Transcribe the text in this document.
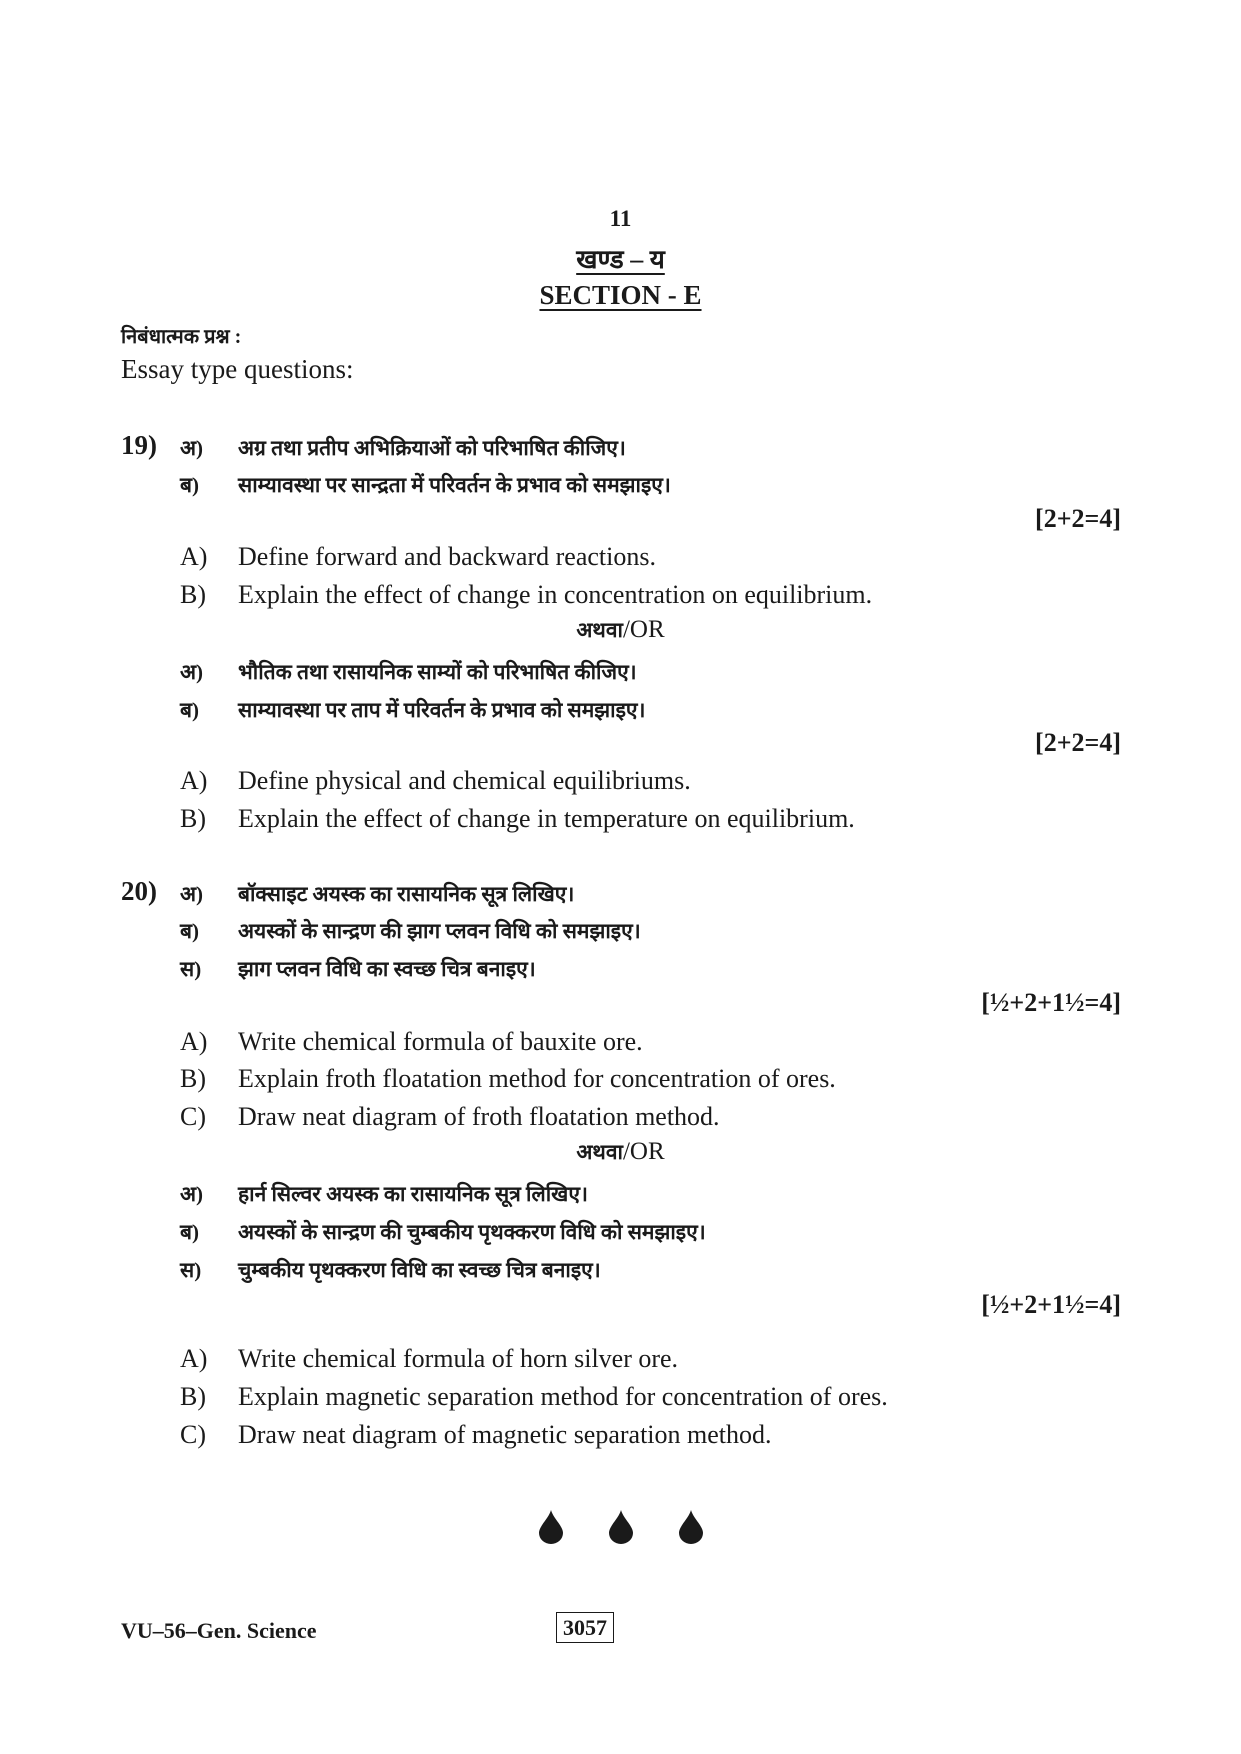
11
खण्ड – य
SECTION - E
निबंधात्मक प्रश्न :
Essay type questions:
19) अ)	अग्र तथा प्रतीप अभिक्रियाओं को परिभाषित कीजिए।
ब)	साम्यावस्था पर सान्द्रता में परिवर्तन के प्रभाव को समझाइए।
[2+2=4]
A)	Define forward and backward reactions.
B)	Explain the effect of change in concentration on equilibrium.
अथवा/OR
अ)	भौतिक तथा रासायनिक साम्यों को परिभाषित कीजिए।
ब)	साम्यावस्था पर ताप में परिवर्तन के प्रभाव को समझाइए।
[2+2=4]
A)	Define physical and chemical equilibriums.
B)	Explain the effect of change in temperature on equilibrium.
20) अ)	बॉक्साइट अयस्क का रासायनिक सूत्र लिखिए।
ब)	अयस्कों के सान्द्रण की झाग प्लवन विधि को समझाइए।
स)	झाग प्लवन विधि का स्वच्छ चित्र बनाइए।
[½+2+1½=4]
A)	Write chemical formula of bauxite ore.
B)	Explain froth floatation method for concentration of ores.
C)	Draw neat diagram of froth floatation method.
अथवा/OR
अ)	हार्न सिल्वर अयस्क का रासायनिक सूत्र लिखिए।
ब)	अयस्कों के सान्द्रण की चुम्बकीय पृथक्करण विधि को समझाइए।
स)	चुम्बकीय पृथक्करण विधि का स्वच्छ चित्र बनाइए।
[½+2+1½=4]
A)	Write chemical formula of horn silver ore.
B)	Explain magnetic separation method for concentration of ores.
C)	Draw neat diagram of magnetic separation method.
VU–56–Gen. Science	3057
